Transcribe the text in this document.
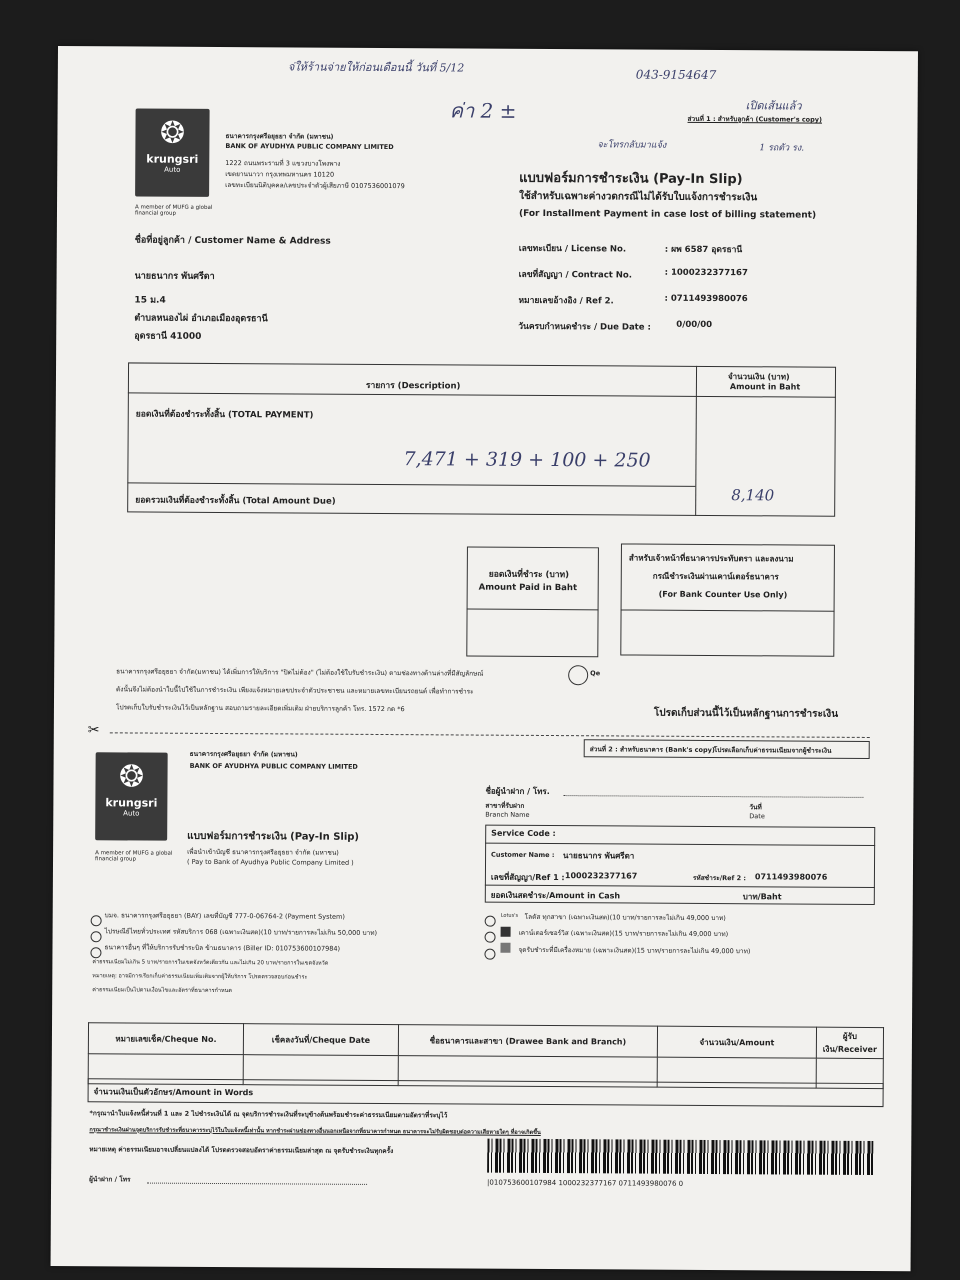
จ่ให้ร้านจ่ายให้ก่อนเดือนนี้ วันที่ 5/12
043-9154647
ค่า 2 ±	เปิดเส้นแล้ว
ส่วนที่ 1 : สำหรับลูกค้า (Customer's copy)
จะโทรกลับมาแจ้ง	1 รถตัว รง.
❂
krungsri
Auto
A member of MUFG a global financial group
ธนาคารกรุงศรีอยุธยา จำกัด (มหาชน)
BANK OF AYUDHYA PUBLIC COMPANY LIMITED
1222 ถนนพระรามที่ 3 แขวงบางโพงพาง
เขตยานนาวา กรุงเทพมหานคร 10120
เลขทะเบียนนิติบุคคล/เลขประจำตัวผู้เสียภาษี 0107536001079	แบบฟอร์มการชำระเงิน (Pay-In Slip)
ใช้สำหรับเฉพาะค่างวดกรณีไม่ได้รับใบแจ้งการชำระเงิน
(For Installment Payment in case lost of billing statement)
ชื่อที่อยู่ลูกค้า / Customer Name & Address
นายธนากร พันศรีดา
15 ม.4
ตำบลหนองไผ่ อำเภอเมืองอุดรธานี
อุดรธานี 41000
เลขทะเบียน / License No.	: ผพ 6587 อุดรธานี
เลขที่สัญญา / Contract No.	: 1000232377167
หมายเลขอ้างอิง / Ref 2.	: 0711493980076
วันครบกำหนดชำระ / Due Date :	0/00/00
รายการ (Description)
จำนวนเงิน (บาท)
Amount in Baht
ยอดเงินที่ต้องชำระทั้งสิ้น (TOTAL PAYMENT)
7,471 + 319 + 100 + 250
ยอดรวมเงินที่ต้องชำระทั้งสิ้น (Total Amount Due)	8,140
ยอดเงินที่ชำระ (บาท)
Amount Paid in Baht
สำหรับเจ้าหน้าที่ธนาคารประทับตรา และลงนาม
กรณีชำระเงินผ่านเคาน์เตอร์ธนาคาร
(For Bank Counter Use Only)
ธนาคารกรุงศรีอยุธยา จำกัด(มหาชน) ได้เพิ่มการให้บริการ "ปิดไม่ต้อง" (ไม่ต้องใช้ใบรับชำระเงิน) ตามช่องทางด้านล่างที่มีสัญลักษณ์	Qe
ดังนั้นจึงไม่ต้องนำใบนี้ไปใช้ในการชำระเงิน เพียงแจ้งหมายเลขประจำตัวประชาชน และหมายเลขทะเบียนรถยนต์ เพื่อทำการชำระ
โปรดเก็บใบรับชำระเงินไว้เป็นหลักฐาน สอบถามรายละเอียดเพิ่มเติม ฝ่ายบริการลูกค้า โทร. 1572 กด *6	โปรดเก็บส่วนนี้ไว้เป็นหลักฐานการชำระเงิน
✂
ส่วนที่ 2 : สำหรับธนาคาร (Bank's copy)
โปรดเลือกเก็บค่าธรรมเนียมจากผู้ชำระเงิน
❂
krungsri
Auto
A member of MUFG a global financial group
ธนาคารกรุงศรีอยุธยา จำกัด (มหาชน)
BANK OF AYUDHYA PUBLIC COMPANY LIMITED
แบบฟอร์มการชำระเงิน (Pay-In Slip)
เพื่อนำเข้าบัญชี ธนาคารกรุงศรีอยุธยา จำกัด (มหาชน)
( Pay to Bank of Ayudhya Public Company Limited )
ชื่อผู้นำฝาก / โทร.
สาขาที่รับฝาก
Branch Name
วันที่
Date
Service Code :
Customer Name : นายธนากร พันศรีดา
เลขที่สัญญา/Ref 1 : 1000232377167	รหัสชำระ/Ref 2 : 0711493980076
ยอดเงินสดชำระ/Amount in Cash	บาท/Baht
บมจ. ธนาคารกรุงศรีอยุธยา (BAY) เลขที่บัญชี 777-0-06764-2 (Payment System)
ไปรษณีย์ไทยทั่วประเทศ รหัสบริการ 068 (เฉพาะเงินสด)(10 บาท/รายการละไม่เกิน 50,000 บาท)
ธนาคารอื่นๆ ที่ให้บริการรับชำระบิล ข้ามธนาคาร (Biller ID: 010753600107984)
ค่าธรรมเนียมไม่เกิน 5 บาท/รายการในเขตจังหวัดเดียวกัน และไม่เกิน 20 บาท/รายการในเขตจังหวัด
หมายเหตุ: อาจมีการเรียกเก็บค่าธรรมเนียมเพิ่มเติมจากผู้ให้บริการ โปรดตรวจสอบก่อนชำระ
ค่าธรรมเนียมเป็นไปตามเงื่อนไขและอัตราที่ธนาคารกำหนด
Lotus's โลตัส ทุกสาขา (เฉพาะเงินสด)(10 บาท/รายการละไม่เกิน 49,000 บาท)
เคาน์เตอร์เซอร์วิส (เฉพาะเงินสด)(15 บาท/รายการละไม่เกิน 49,000 บาท)
จุดรับชำระที่มีเครื่องหมาย (เฉพาะเงินสด)(15 บาท/รายการละไม่เกิน 49,000 บาท)
หมายเลขเช็ค/Cheque No.	เช็คลงวันที่/Cheque Date	ชื่อธนาคารและสาขา (Drawee Bank and Branch)	จำนวนเงิน/Amount	ผู้รับเงิน/Receiver

จำนวนเงินเป็นตัวอักษร/Amount in Words
*กรุณานำใบแจ้งหนี้ส่วนที่ 1 และ 2 ไปชำระเงินได้ ณ จุดบริการชำระเงินที่ระบุข้างต้นพร้อมชำระค่าธรรมเนียมตามอัตราที่ระบุไว้
กรุณาชำระเงินผ่านจุดบริการรับชำระที่ธนาคารระบุไว้ในใบแจ้งหนี้เท่านั้น หากชำระผ่านช่องทางอื่นนอกเหนือจากที่ธนาคารกำหนด ธนาคารจะไม่รับผิดชอบต่อความเสียหายใดๆ ที่อาจเกิดขึ้น
หมายเหตุ ค่าธรรมเนียมอาจเปลี่ยนแปลงได้ โปรดตรวจสอบอัตราค่าธรรมเนียมล่าสุด ณ จุดรับชำระเงินทุกครั้ง
ผู้นำฝาก / โทร	|010753600107984 1000232377167 0711493980076 0
